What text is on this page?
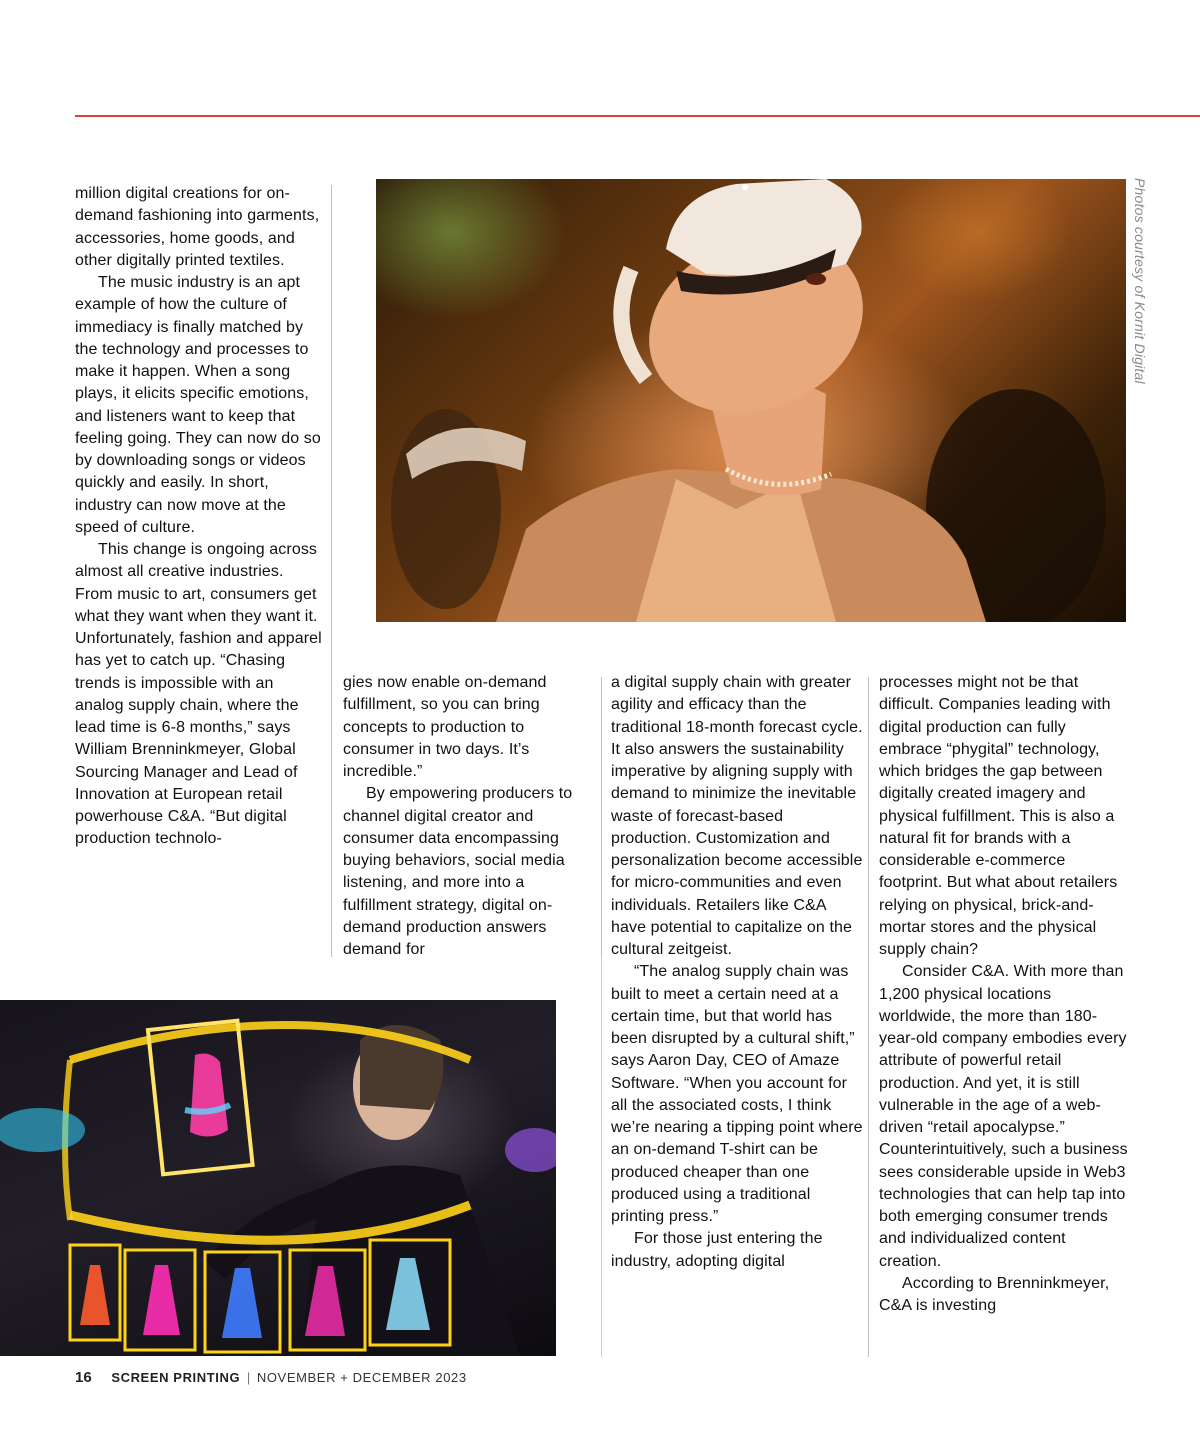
million digital creations for on-demand fashioning into garments, accessories, home goods, and other digitally printed textiles.

The music industry is an apt example of how the culture of immediacy is finally matched by the technology and processes to make it happen. When a song plays, it elicits specific emotions, and listeners want to keep that feeling going. They can now do so by downloading songs or videos quickly and easily. In short, industry can now move at the speed of culture.

This change is ongoing across almost all creative industries. From music to art, consumers get what they want when they want it. Unfortunately, fashion and apparel has yet to catch up. “Chasing trends is impossible with an analog supply chain, where the lead time is 6-8 months,” says William Brenninkmeyer, Global Sourcing Manager and Lead of Innovation at European retail powerhouse C&A. “But digital production technolo-

Photos courtesy of Kornit Digital

gies now enable on-demand fulfillment, so you can bring concepts to production to consumer in two days. It’s incredible.”

By empowering producers to channel digital creator and consumer data encompassing buying behaviors, social media listening, and more into a fulfillment strategy, digital on-demand production answers demand for

a digital supply chain with greater agility and efficacy than the traditional 18-month forecast cycle. It also answers the sustainability imperative by aligning supply with demand to minimize the inevitable waste of forecast-based production. Customization and personalization become accessible for micro-communities and even individuals. Retailers like C&A have potential to capitalize on the cultural zeitgeist.

“The analog supply chain was built to meet a certain need at a certain time, but that world has been disrupted by a cultural shift,” says Aaron Day, CEO of Amaze Software. “When you account for all the associated costs, I think we’re nearing a tipping point where an on-demand T-shirt can be produced cheaper than one produced using a traditional printing press.”

For those just entering the industry, adopting digital

processes might not be that difficult. Companies leading with digital production can fully embrace “phygital” technology, which bridges the gap between digitally created imagery and physical fulfillment. This is also a natural fit for brands with a considerable e-commerce footprint. But what about retailers relying on physical, brick-and-mortar stores and the physical supply chain?

Consider C&A. With more than 1,200 physical locations worldwide, the more than 180-year-old company embodies every attribute of powerful retail production. And yet, it is still vulnerable in the age of a web-driven “retail apocalypse.” Counterintuitively, such a business sees considerable upside in Web3 technologies that can help tap into both emerging consumer trends and individualized content creation.

According to Brenninkmeyer, C&A is investing

16 SCREEN PRINTING | NOVEMBER + DECEMBER 2023
